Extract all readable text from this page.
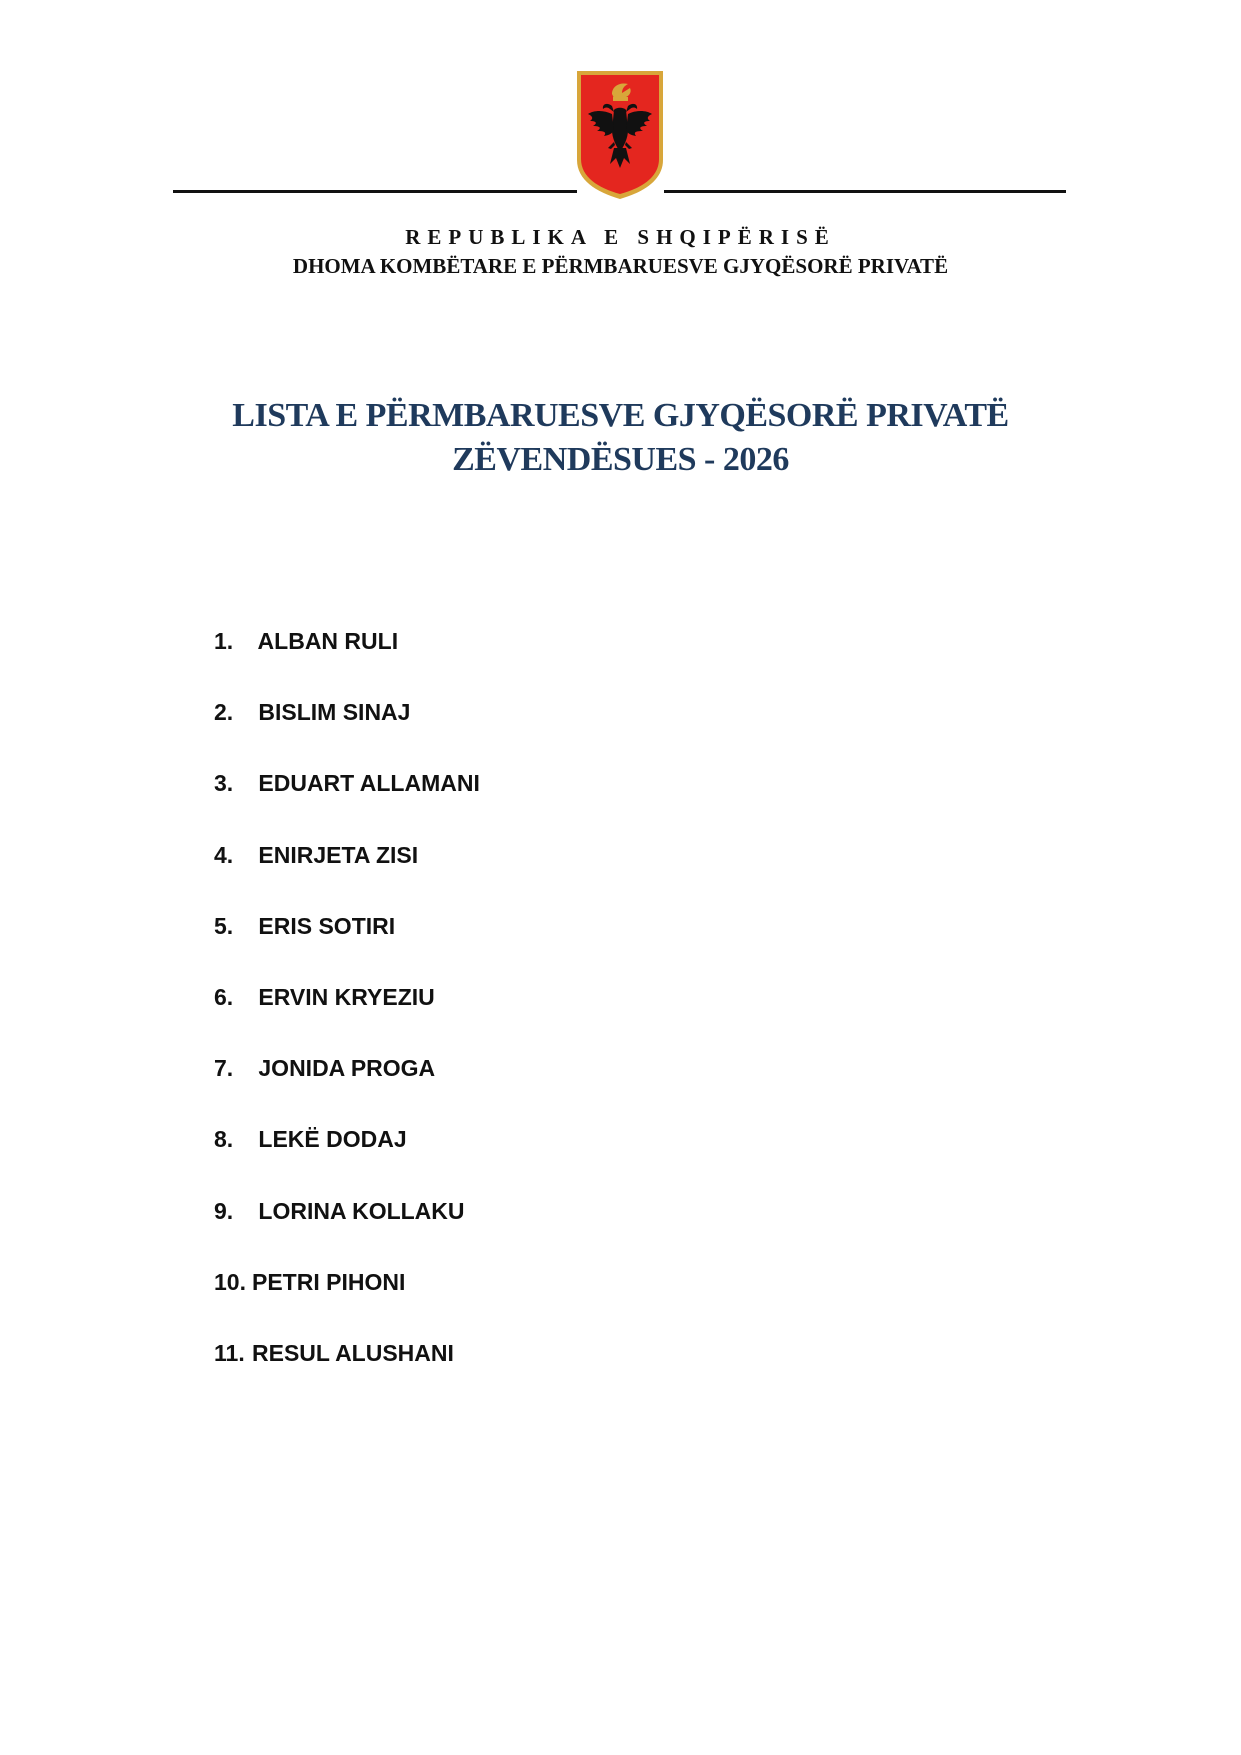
REPUBLIKA E SHQIPËRISË
DHOMA KOMBËTARE E PËRMBARUESVE GJYQËSORË PRIVATË
LISTA E PËRMBARUESVE GJYQËSORË PRIVATË
ZËVENDËSUES - 2026
1. ALBAN RULI
2. BISLIM SINAJ
3. EDUART ALLAMANI
4. ENIRJETA ZISI
5. ERIS SOTIRI
6. ERVIN KRYEZIU
7. JONIDA PROGA
8. LEKË DODAJ
9. LORINA KOLLAKU
10. PETRI PIHONI
11. RESUL ALUSHANI
